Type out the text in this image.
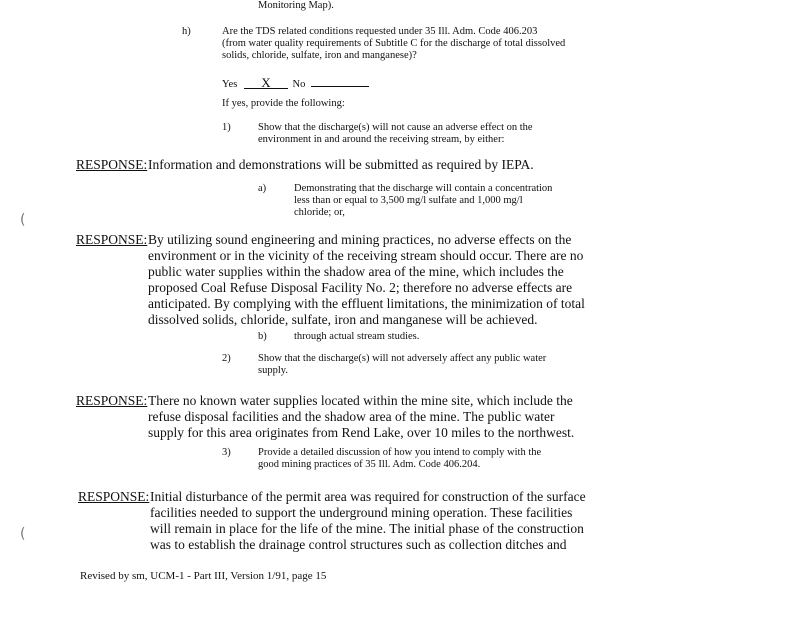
Monitoring Map).

h)	Are the TDS related conditions requested under 35 Ill. Adm. Code 406.203

(from water quality requirements of Subtitle C for the discharge of total dissolved

solids, chloride, sulfate, iron and manganese)?

Yes X No

If yes, provide the following:

1)	Show that the discharge(s) will not cause an adverse effect on the

environment in and around the receiving stream, by either:

RESPONSE: Information and demonstrations will be submitted as required by IEPA.

a)	Demonstrating that the discharge will contain a concentration

less than or equal to 3,500 mg/l sulfate and 1,000 mg/l

chloride; or,

(

RESPONSE: By utilizing sound engineering and mining practices, no adverse effects on the

environment or in the vicinity of the receiving stream should occur. There are no

public water supplies within the shadow area of the mine, which includes the

proposed Coal Refuse Disposal Facility No. 2; therefore no adverse effects are

anticipated. By complying with the effluent limitations, the minimization of total

dissolved solids, chloride, sulfate, iron and manganese will be achieved.

b)	through actual stream studies.

2)	Show that the discharge(s) will not adversely affect any public water

supply.

RESPONSE: There no known water supplies located within the mine site, which include the

refuse disposal facilities and the shadow area of the mine. The public water

supply for this area originates from Rend Lake, over 10 miles to the northwest.

3)	Provide a detailed discussion of how you intend to comply with the

good mining practices of 35 Ill. Adm. Code 406.204.

RESPONSE: Initial disturbance of the permit area was required for construction of the surface

facilities needed to support the underground mining operation. These facilities

will remain in place for the life of the mine. The initial phase of the construction

was to establish the drainage control structures such as collection ditches and

(

Revised by sm, UCM-1 - Part III, Version 1/91, page 15
